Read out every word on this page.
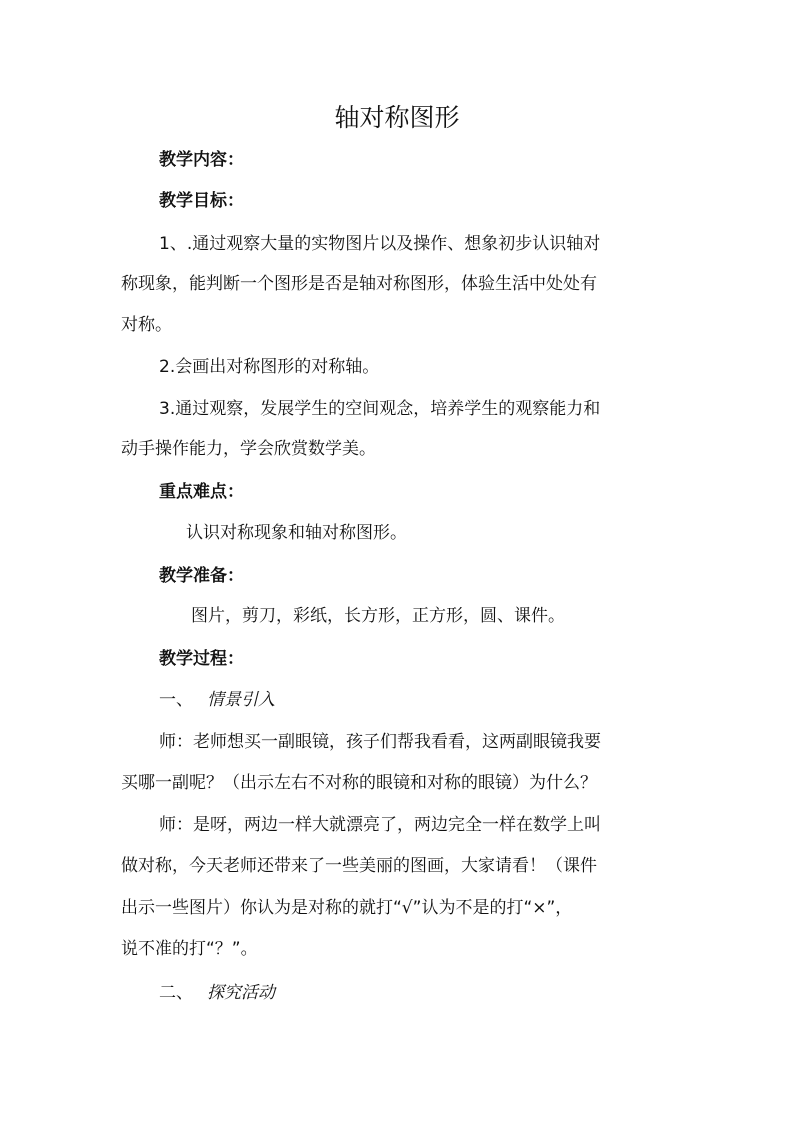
轴对称图形
教学内容：
教学目标：
1、.通过观察大量的实物图片以及操作、想象初步认识轴对
称现象，能判断一个图形是否是轴对称图形，体验生活中处处有
对称。
2.会画出对称图形的对称轴。
3.通过观察，发展学生的空间观念，培养学生的观察能力和
动手操作能力，学会欣赏数学美。
重点难点：
认识对称现象和轴对称图形。
教学准备：
图片，剪刀，彩纸，长方形，正方形，圆、课件。
教学过程：
一、 情景引入
师：老师想买一副眼镜，孩子们帮我看看，这两副眼镜我要
买哪一副呢？（出示左右不对称的眼镜和对称的眼镜）为什么？
师：是呀，两边一样大就漂亮了，两边完全一样在数学上叫
做对称，今天老师还带来了一些美丽的图画，大家请看！（课件
出示一些图片）你认为是对称的就打“√”认为不是的打“×”，
说不准的打“？”。
二、 探究活动
